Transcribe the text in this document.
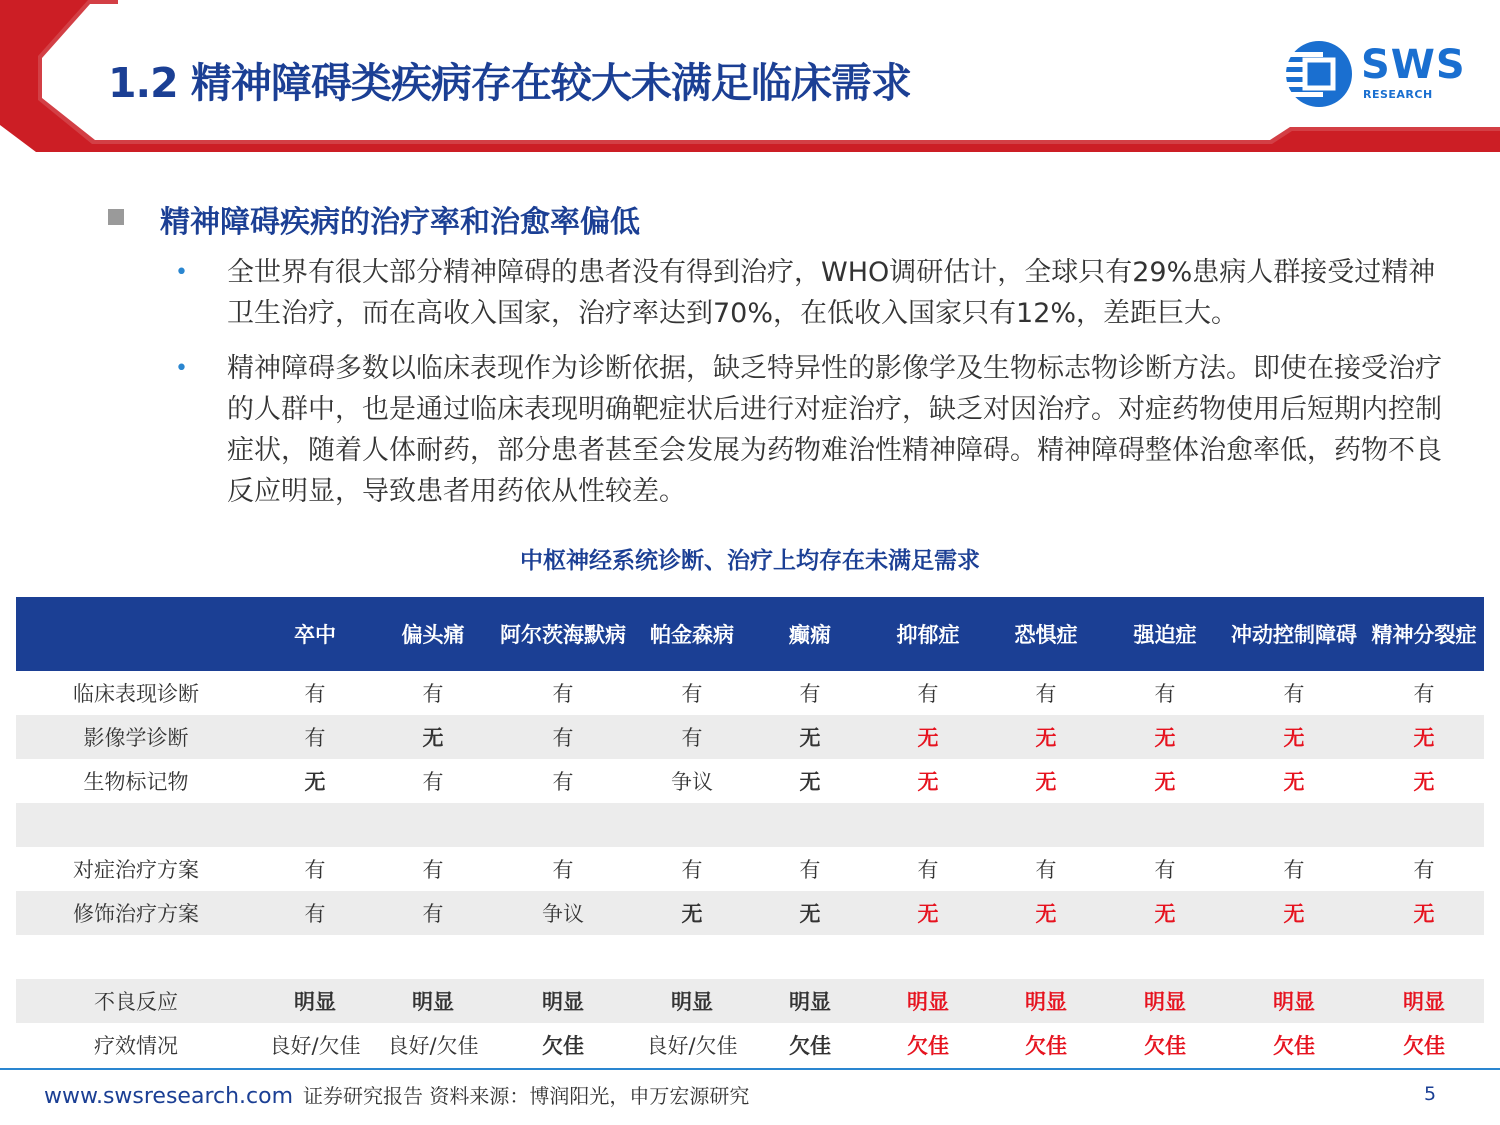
1.2 精神障碍类疾病存在较大未满足临床需求	SWS
RESEARCH
精神障碍疾病的治疗率和治愈率偏低
• 全世界有很大部分精神障碍的患者没有得到治疗，WHO调研估计，全球只有29%患病人群接受过精神卫生治疗，而在高收入国家，治疗率达到70%，在低收入国家只有12%，差距巨大。
• 精神障碍多数以临床表现作为诊断依据，缺乏特异性的影像学及生物标志物诊断方法。即使在接受治疗的人群中，也是通过临床表现明确靶症状后进行对症治疗，缺乏对因治疗。对症药物使用后短期内控制症状，随着人体耐药，部分患者甚至会发展为药物难治性精神障碍。精神障碍整体治愈率低，药物不良反应明显，导致患者用药依从性较差。
中枢神经系统诊断、治疗上均存在未满足需求
	卒中	偏头痛	阿尔茨海默病	帕金森病	癫痫	抑郁症	恐惧症	强迫症	冲动控制障碍	精神分裂症
临床表现诊断	有	有	有	有	有	有	有	有	有	有
影像学诊断	有	无	有	有	无	无	无	无	无	无
生物标记物	无	有	有	争议	无	无	无	无	无	无

对症治疗方案	有	有	有	有	有	有	有	有	有	有
修饰治疗方案	有	有	争议	无	无	无	无	无	无	无

不良反应	明显	明显	明显	明显	明显	明显	明显	明显	明显	明显
疗效情况	良好/欠佳	良好/欠佳	欠佳	良好/欠佳	欠佳	欠佳	欠佳	欠佳	欠佳	欠佳
www.swsresearch.com 证券研究报告 资料来源：博润阳光，申万宏源研究	5
